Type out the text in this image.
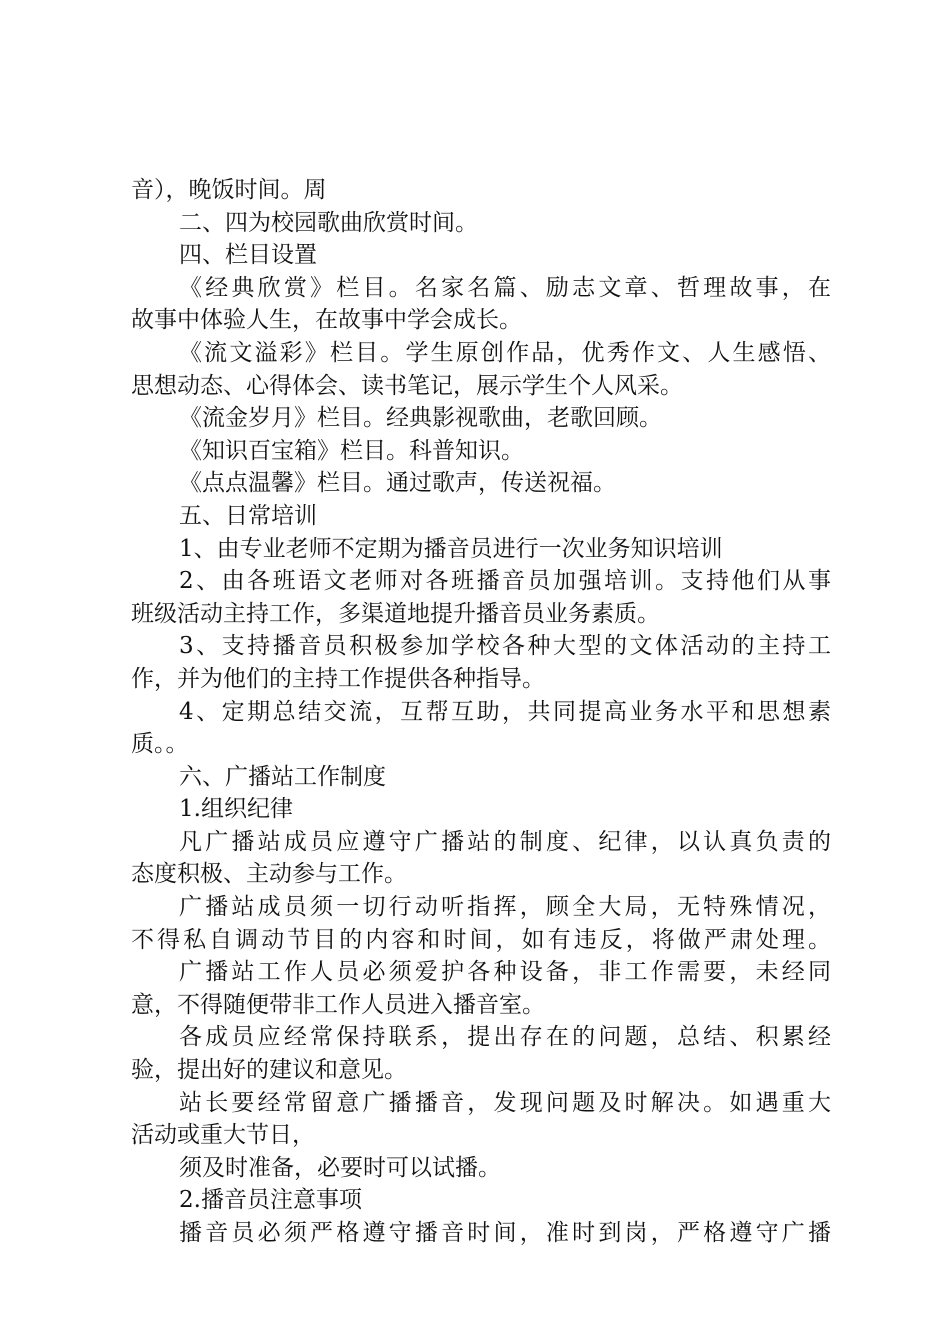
音），晚饭时间。周
二、四为校园歌曲欣赏时间。
四、栏目设置
《经典欣赏》栏目。名家名篇、励志文章、哲理故事，在
故事中体验人生，在故事中学会成长。
《流文溢彩》栏目。学生原创作品，优秀作文、人生感悟、
思想动态、心得体会、读书笔记，展示学生个人风采。
《流金岁月》栏目。经典影视歌曲，老歌回顾。
《知识百宝箱》栏目。科普知识。
《点点温馨》栏目。通过歌声，传送祝福。
五、日常培训
1、由专业老师不定期为播音员进行一次业务知识培训
2、由各班语文老师对各班播音员加强培训。支持他们从事
班级活动主持工作，多渠道地提升播音员业务素质。
3、支持播音员积极参加学校各种大型的文体活动的主持工
作，并为他们的主持工作提供各种指导。
4、定期总结交流，互帮互助，共同提高业务水平和思想素
质。。
六、广播站工作制度
1.组织纪律
凡广播站成员应遵守广播站的制度、纪律，以认真负责的
态度积极、主动参与工作。
广播站成员须一切行动听指挥，顾全大局，无特殊情况，
不得私自调动节目的内容和时间，如有违反，将做严肃处理。
广播站工作人员必须爱护各种设备，非工作需要，未经同
意，不得随便带非工作人员进入播音室。
各成员应经常保持联系，提出存在的问题，总结、积累经
验，提出好的建议和意见。
站长要经常留意广播播音，发现问题及时解决。如遇重大
活动或重大节日，
须及时准备，必要时可以试播。
2.播音员注意事项
播音员必须严格遵守播音时间，准时到岗，严格遵守广播
